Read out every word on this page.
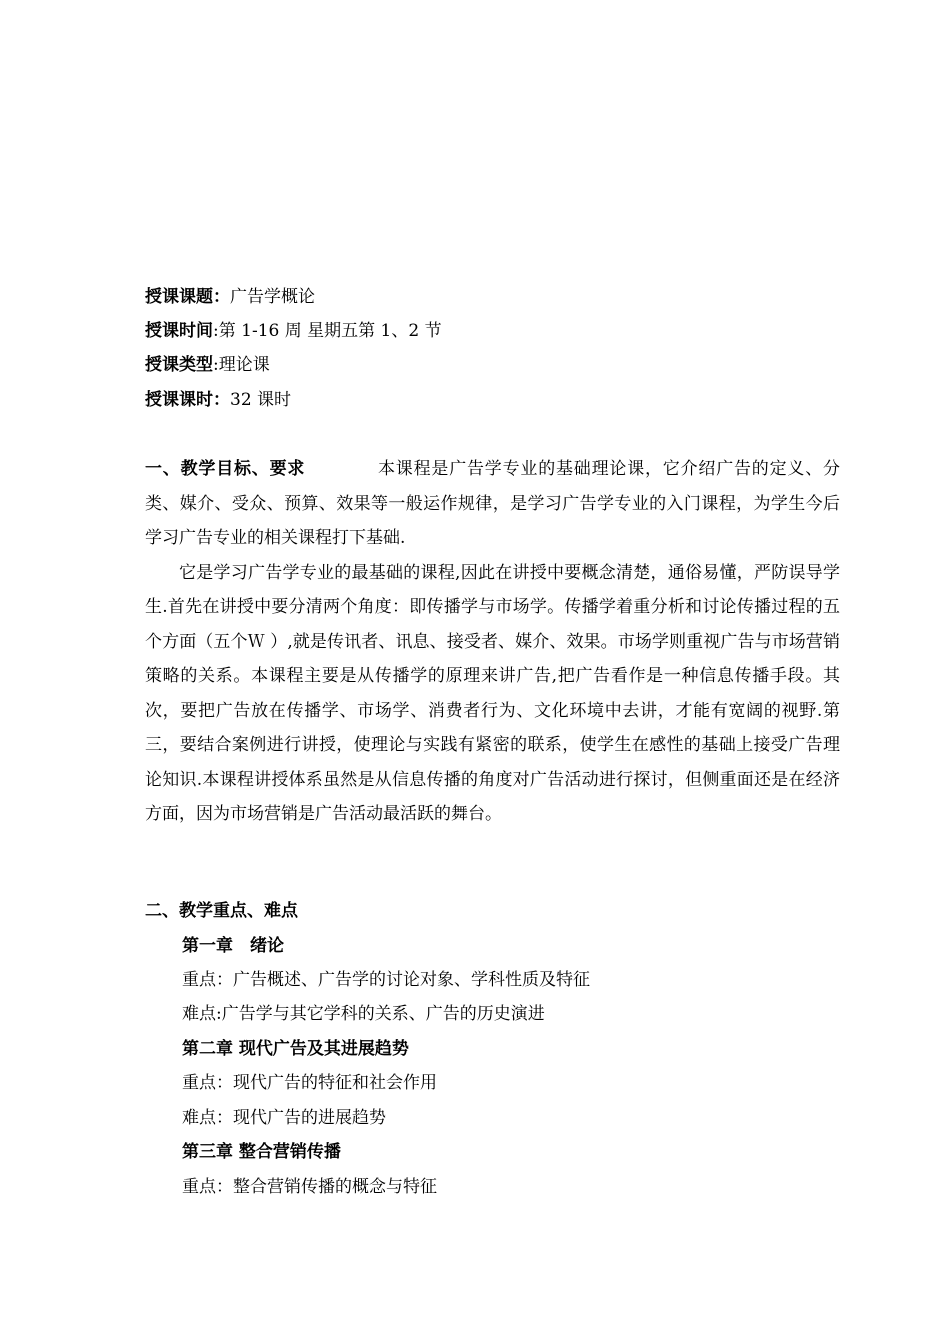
授课课题：广告学概论
授课时间:第 1-16 周 星期五第 1、2 节
授课类型:理论课
授课课时：32 课时

一、教学目标、要求	本课程是广告学专业的基础理论课，它介绍广告的定义、分类、媒介、受众、预算、效果等一般运作规律，是学习广告学专业的入门课程，为学生今后学习广告专业的相关课程打下基础.

它是学习广告学专业的最基础的课程,因此在讲授中要概念清楚，通俗易懂，严防误导学生.首先在讲授中要分清两个角度：即传播学与市场学。传播学着重分析和讨论传播过程的五个方面（五个Ｗ ）,就是传讯者、讯息、接受者、媒介、效果。市场学则重视广告与市场营销策略的关系。本课程主要是从传播学的原理来讲广告,把广告看作是一种信息传播手段。其次，要把广告放在传播学、市场学、消费者行为、文化环境中去讲，才能有宽阔的视野.第三，要结合案例进行讲授，使理论与实践有紧密的联系，使学生在感性的基础上接受广告理论知识.本课程讲授体系虽然是从信息传播的角度对广告活动进行探讨，但侧重面还是在经济方面，因为市场营销是广告活动最活跃的舞台。

二、教学重点、难点
第一章　绪论
重点：广告概述、广告学的讨论对象、学科性质及特征
难点:广告学与其它学科的关系、广告的历史演进
第二章 现代广告及其进展趋势
重点：现代广告的特征和社会作用
难点：现代广告的进展趋势
第三章 整合营销传播
重点：整合营销传播的概念与特征
